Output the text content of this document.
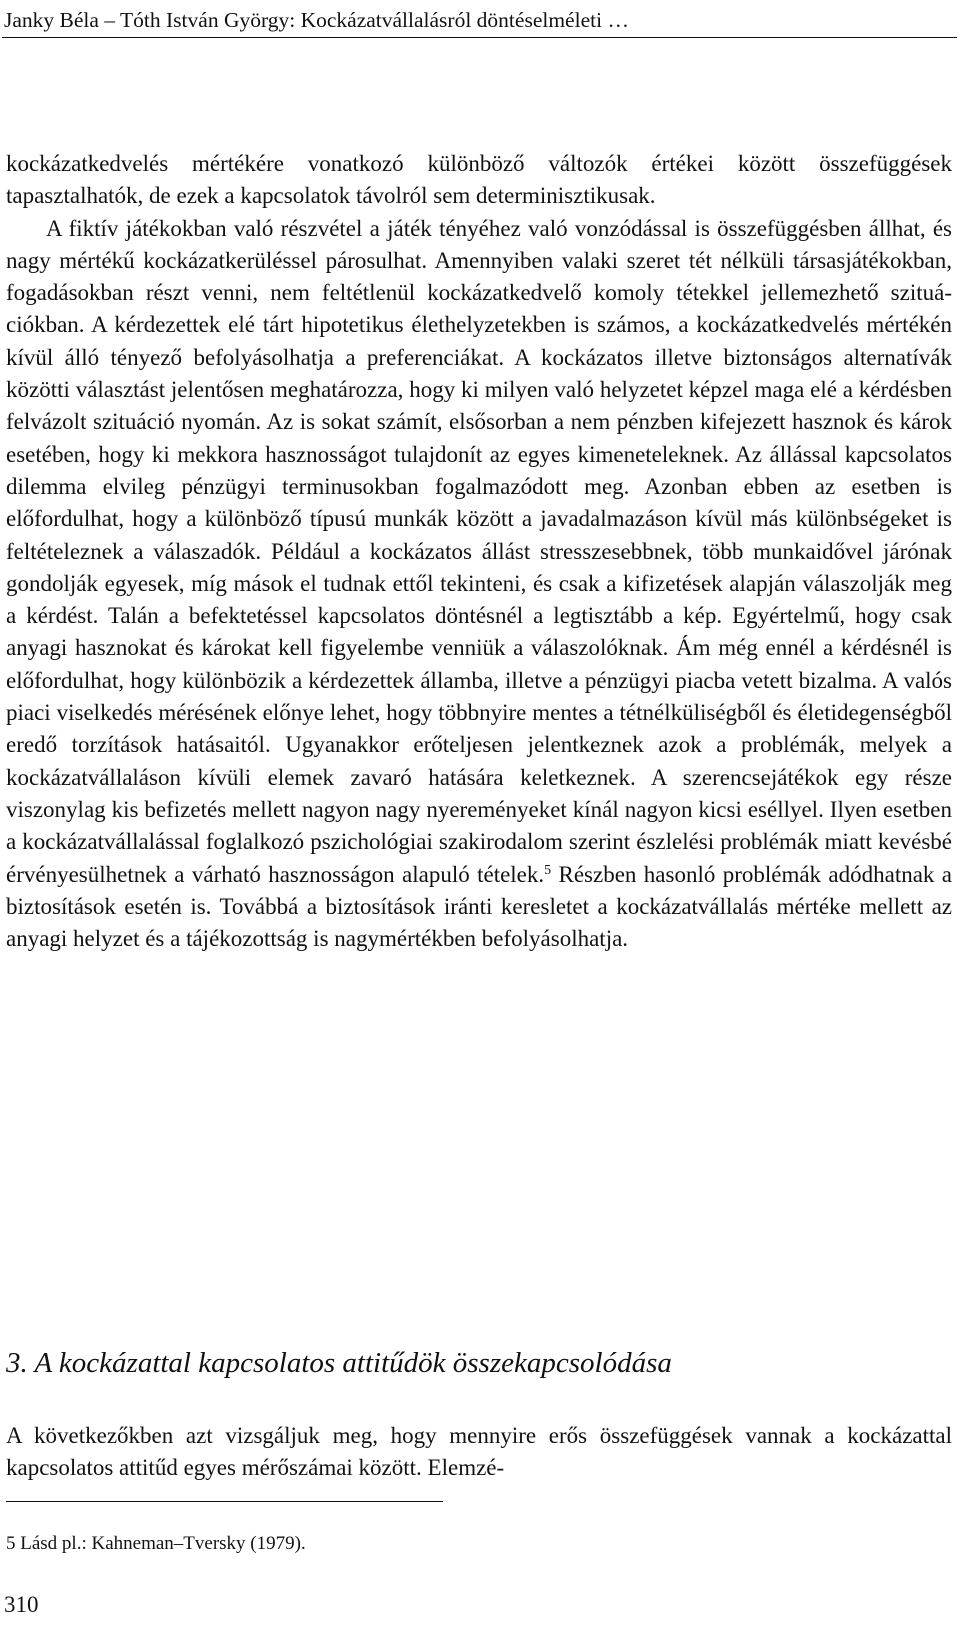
Janky Béla – Tóth István György: Kockázatvállalásról döntéselméleti …

kockázatkedvelés mértékére vonatkozó különböző változók értékei között összefüggések tapasztalhatók, de ezek a kapcsolatok távolról sem determinisztikusak.

A fiktív játékokban való részvétel a játék tényéhez való vonzódással is összefüggésben állhat, és nagy mértékű kockázatkerüléssel párosulhat. Amennyiben valaki szeret tét nélküli társasjátékokban, fogadásokban részt venni, nem feltétlenül kockázatkedvelő komoly tétekkel jellemezhető szituációkban. A kérdezettek elé tárt hipotetikus élethelyzetekben is számos, a kockázatkedvelés mértékén kívül álló tényező befolyásolhatja a preferenciákat. A kockázatos illetve biztonságos alternatívák közötti választást jelentősen meghatározza, hogy ki milyen való helyzetet képzel maga elé a kérdésben felvázolt szituáció nyomán. Az is sokat számít, elsősorban a nem pénzben kifejezett hasznok és károk esetében, hogy ki mekkora hasznosságot tulajdonít az egyes kimeneteleknek. Az állással kapcsolatos dilemma elvileg pénzügyi terminusokban fogalmazódott meg. Azonban ebben az esetben is előfordulhat, hogy a különböző típusú munkák között a javadalmazáson kívül más különbségeket is feltételeznek a válaszadók. Például a kockázatos állást stresszesebbnek, több munkaidővel járónak gondolják egyesek, míg mások el tudnak ettől tekinteni, és csak a kifizetések alapján válaszolják meg a kérdést. Talán a befektetéssel kapcsolatos döntésnél a legtisztább a kép. Egyértelmű, hogy csak anyagi hasznokat és károkat kell figyelembe venniük a válaszolóknak. Ám még ennél a kérdésnél is előfordulhat, hogy különbözik a kérdezettek államba, illetve a pénzügyi piacba vetett bizalma. A valós piaci viselkedés mérésének előnye lehet, hogy többnyire mentes a tétnélküliségből és életidegenségből eredő torzítások hatásaitól. Ugyanakkor erőteljesen jelentkeznek azok a problémák, melyek a kockázatvállaláson kívüli elemek zavaró hatására keletkeznek. A szerencsejátékok egy része viszonylag kis befizetés mellett nagyon nagy nyereményeket kínál nagyon kicsi eséllyel. Ilyen esetben a kockázatvállalással foglalkozó pszichológiai szakirodalom szerint észlelési problémák miatt kevésbé érvényesülhetnek a várható hasznosságon alapuló tételek.$^5$ Részben hasonló problémák adódhatnak a biztosítások esetén is. Továbbá a biztosítások iránti keresletet a kockázatvállalás mértéke mellett az anyagi helyzet és a tájékozottság is nagymértékben befolyásolhatja.

3. A kockázattal kapcsolatos attitűdök összekapcsolódása

A következőkben azt vizsgáljuk meg, hogy mennyire erős összefüggések vannak a kockázattal kapcsolatos attitűd egyes mérőszámai között. Elemzé-

5 Lásd pl.: Kahneman–Tversky (1979).
310
